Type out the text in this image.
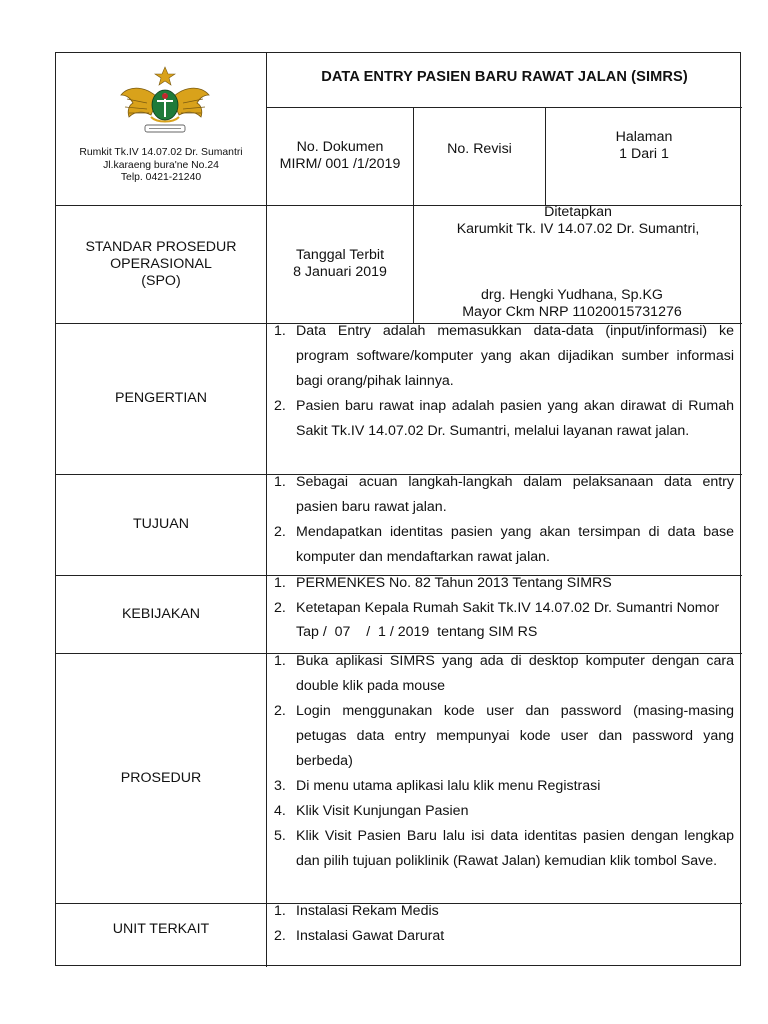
Rumkit Tk.IV 14.07.02 Dr. Sumantri
Jl.karaeng bura'ne No.24
Telp. 0421-21240
DATA ENTRY PASIEN BARU RAWAT JALAN (SIMRS)
No. Dokumen
MIRM/ 001 /1/2019
No. Revisi
Halaman
1 Dari 1
STANDAR PROSEDUR
OPERASIONAL
(SPO)
Tanggal Terbit
8 Januari 2019
Ditetapkan
Karumkit Tk. IV 14.07.02 Dr. Sumantri,
drg. Hengki Yudhana, Sp.KG
Mayor Ckm NRP 11020015731276
PENGERTIAN
1. Data Entry adalah memasukkan data-data (input/informasi) ke program software/komputer yang akan dijadikan sumber informasi bagi orang/pihak lainnya.
2. Pasien baru rawat inap adalah pasien yang akan dirawat di Rumah Sakit Tk.IV 14.07.02 Dr. Sumantri, melalui layanan rawat jalan.
TUJUAN
1. Sebagai acuan langkah-langkah dalam pelaksanaan data entry pasien baru rawat jalan.
2. Mendapatkan identitas pasien yang akan tersimpan di data base komputer dan mendaftarkan rawat jalan.
KEBIJAKAN
1. PERMENKES No. 82 Tahun 2013 Tentang SIMRS
2. Ketetapan Kepala Rumah Sakit Tk.IV 14.07.02 Dr. Sumantri Nomor Tap /  07    /  1 / 2019  tentang SIM RS
PROSEDUR
1. Buka aplikasi SIMRS yang ada di desktop komputer dengan cara double klik pada mouse
2. Login menggunakan kode user dan password (masing-masing petugas data entry mempunyai kode user dan password yang berbeda)
3. Di menu utama aplikasi lalu klik menu Registrasi
4. Klik Visit Kunjungan Pasien
5. Klik Visit Pasien Baru lalu isi data identitas pasien dengan lengkap dan pilih tujuan poliklinik (Rawat Jalan) kemudian klik tombol Save.
UNIT TERKAIT
1. Instalasi Rekam Medis
2. Instalasi Gawat Darurat
